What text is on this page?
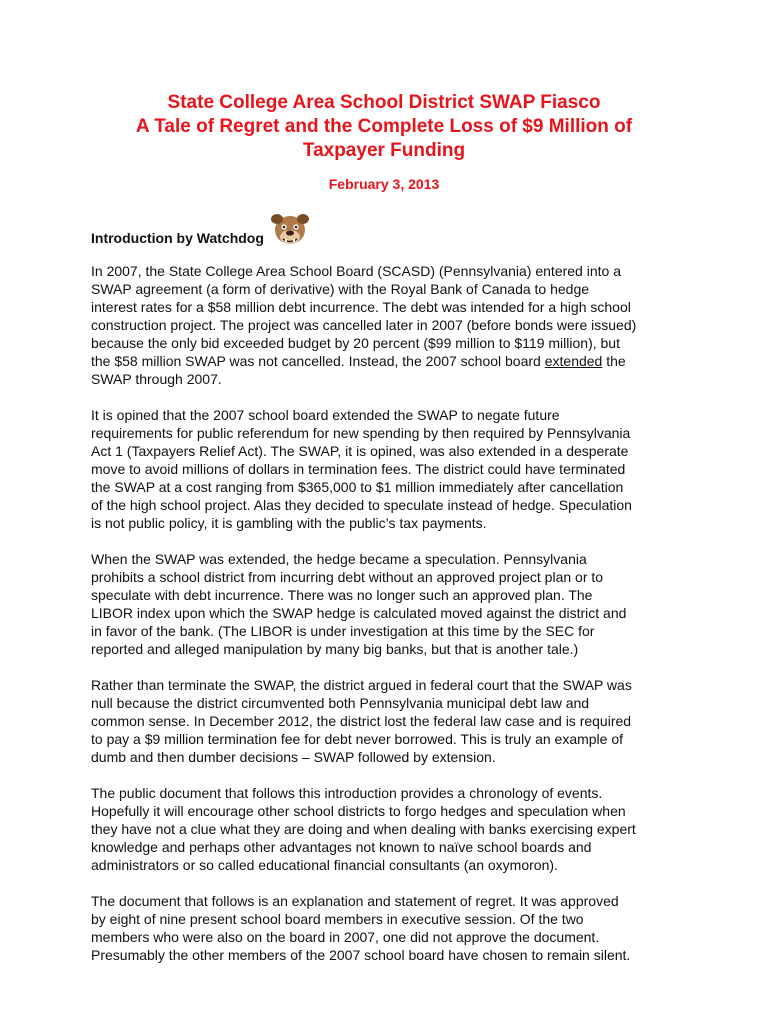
State College Area School District SWAP Fiasco
A Tale of Regret and the Complete Loss of $9 Million of
Taxpayer Funding
February 3, 2013
Introduction by Watchdog

In 2007, the State College Area School Board (SCASD) (Pennsylvania) entered into a
SWAP agreement (a form of derivative) with the Royal Bank of Canada to hedge
interest rates for a $58 million debt incurrence. The debt was intended for a high school
construction project. The project was cancelled later in 2007 (before bonds were issued)
because the only bid exceeded budget by 20 percent ($99 million to $119 million), but
the $58 million SWAP was not cancelled. Instead, the 2007 school board extended the
SWAP through 2007.

It is opined that the 2007 school board extended the SWAP to negate future
requirements for public referendum for new spending by then required by Pennsylvania
Act 1 (Taxpayers Relief Act). The SWAP, it is opined, was also extended in a desperate
move to avoid millions of dollars in termination fees. The district could have terminated
the SWAP at a cost ranging from $365,000 to $1 million immediately after cancellation
of the high school project. Alas they decided to speculate instead of hedge. Speculation
is not public policy, it is gambling with the public’s tax payments.

When the SWAP was extended, the hedge became a speculation. Pennsylvania
prohibits a school district from incurring debt without an approved project plan or to
speculate with debt incurrence. There was no longer such an approved plan. The
LIBOR index upon which the SWAP hedge is calculated moved against the district and
in favor of the bank. (The LIBOR is under investigation at this time by the SEC for
reported and alleged manipulation by many big banks, but that is another tale.)

Rather than terminate the SWAP, the district argued in federal court that the SWAP was
null because the district circumvented both Pennsylvania municipal debt law and
common sense. In December 2012, the district lost the federal law case and is required
to pay a $9 million termination fee for debt never borrowed. This is truly an example of
dumb and then dumber decisions – SWAP followed by extension.

The public document that follows this introduction provides a chronology of events.
Hopefully it will encourage other school districts to forgo hedges and speculation when
they have not a clue what they are doing and when dealing with banks exercising expert
knowledge and perhaps other advantages not known to naïve school boards and
administrators or so called educational financial consultants (an oxymoron).

The document that follows is an explanation and statement of regret. It was approved
by eight of nine present school board members in executive session. Of the two
members who were also on the board in 2007, one did not approve the document.
Presumably the other members of the 2007 school board have chosen to remain silent.
